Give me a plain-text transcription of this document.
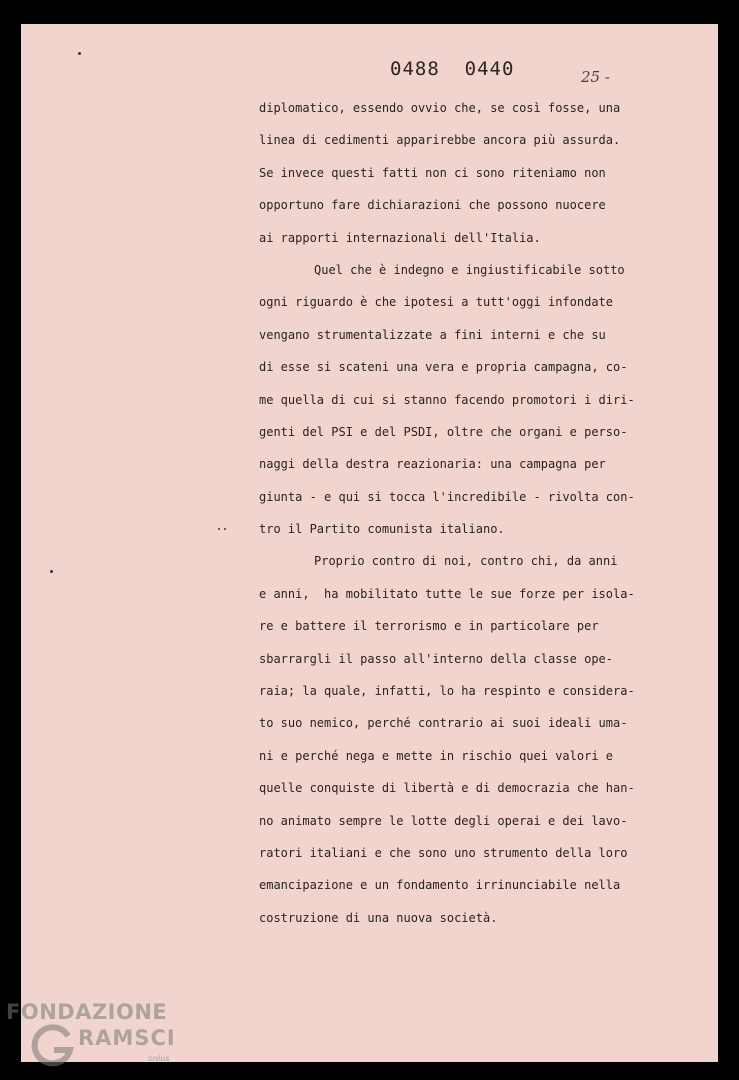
25 -
0488 0440
diplomatico, essendo ovvio che, se così fosse, una
linea di cedimenti apparirebbe ancora più assurda.
Se invece questi fatti non ci sono riteniamo non
opportuno fare dichiarazioni che possono nuocere
ai rapporti internazionali dell'Italia.
Quel che è indegno e ingiustificabile sotto
ogni riguardo è che ipotesi a tutt'oggi infondate
vengano strumentalizzate a fini interni e che su
di esse si scateni una vera e propria campagna, co-
me quella di cui si stanno facendo promotori i diri-
genti del PSI e del PSDI, oltre che organi e perso-
naggi della destra reazionaria: una campagna per
giunta - e qui si tocca l'incredibile - rivolta con-
tro il Partito comunista italiano.
Proprio contro di noi, contro chi, da anni
e anni,  ha mobilitato tutte le sue forze per isola-
re e battere il terrorismo e in particolare per
sbarrargli il passo all'interno della classe ope-
raia; la quale, infatti, lo ha respinto e considera-
to suo nemico, perché contrario ai suoi ideali uma-
ni e perché nega e mette in rischio quei valori e
quelle conquiste di libertà e di democrazia che han-
no animato sempre le lotte degli operai e dei lavo-
ratori italiani e che sono uno strumento della loro
emancipazione e un fondamento irrinunciabile nella
costruzione di una nuova società.
FONDAZIONE
RAMSCI
onlus
